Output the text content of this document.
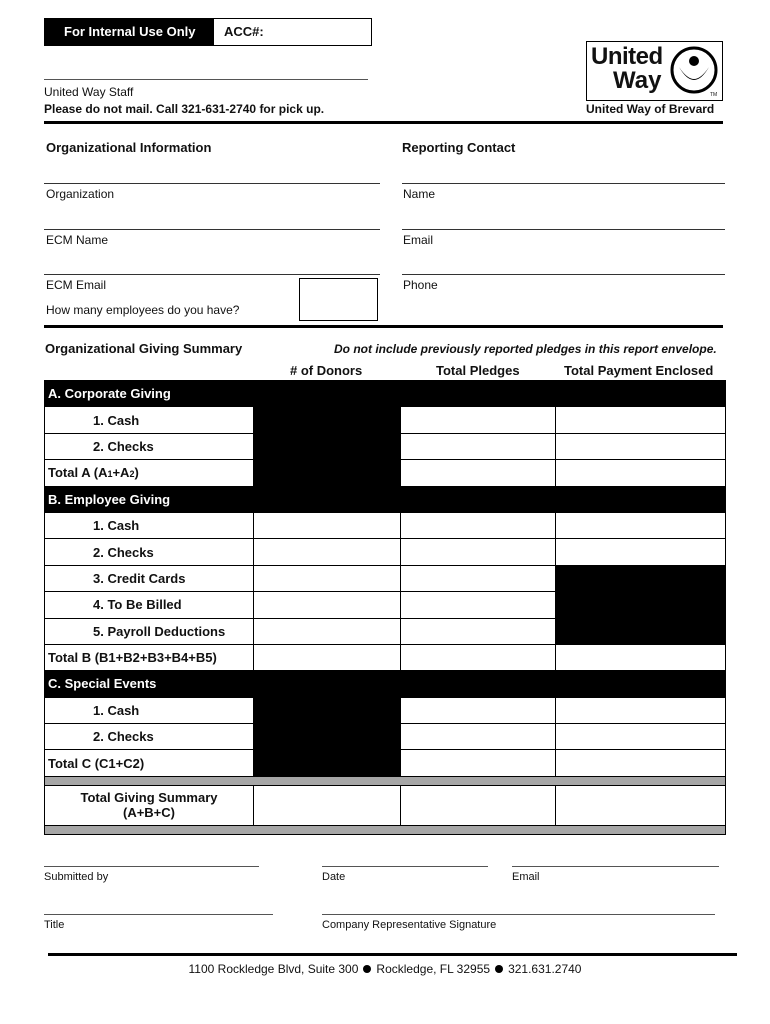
For Internal Use Only	ACC#:
United Way Staff
Please do not mail. Call 321-631-2740 for pick up.
United
Way
TM
United Way of Brevard
Organizational Information	Reporting Contact
Organization
ECM Name
ECM Email
How many employees do you have?
Name
Email
Phone
Organizational Giving Summary	Do not include previously reported pledges in this report envelope.
# of Donors	Total Pledges	Total Payment Enclosed
A. Corporate Giving			
1. Cash			
2. Checks			
Total A (A1+A2)			
B. Employee Giving			
1. Cash			
2. Checks			
3. Credit Cards			
4. To Be Billed			
5. Payroll Deductions			
Total B (B1+B2+B3+B4+B5)			
C. Special Events			
1. Cash			
2. Checks			
Total C (C1+C2)			

Total Giving Summary
(A+B+C)			

Submitted by	Date	Email
Title	Company Representative Signature
1100 Rockledge Blvd, Suite 300 Rockledge, FL 32955 321.631.2740
